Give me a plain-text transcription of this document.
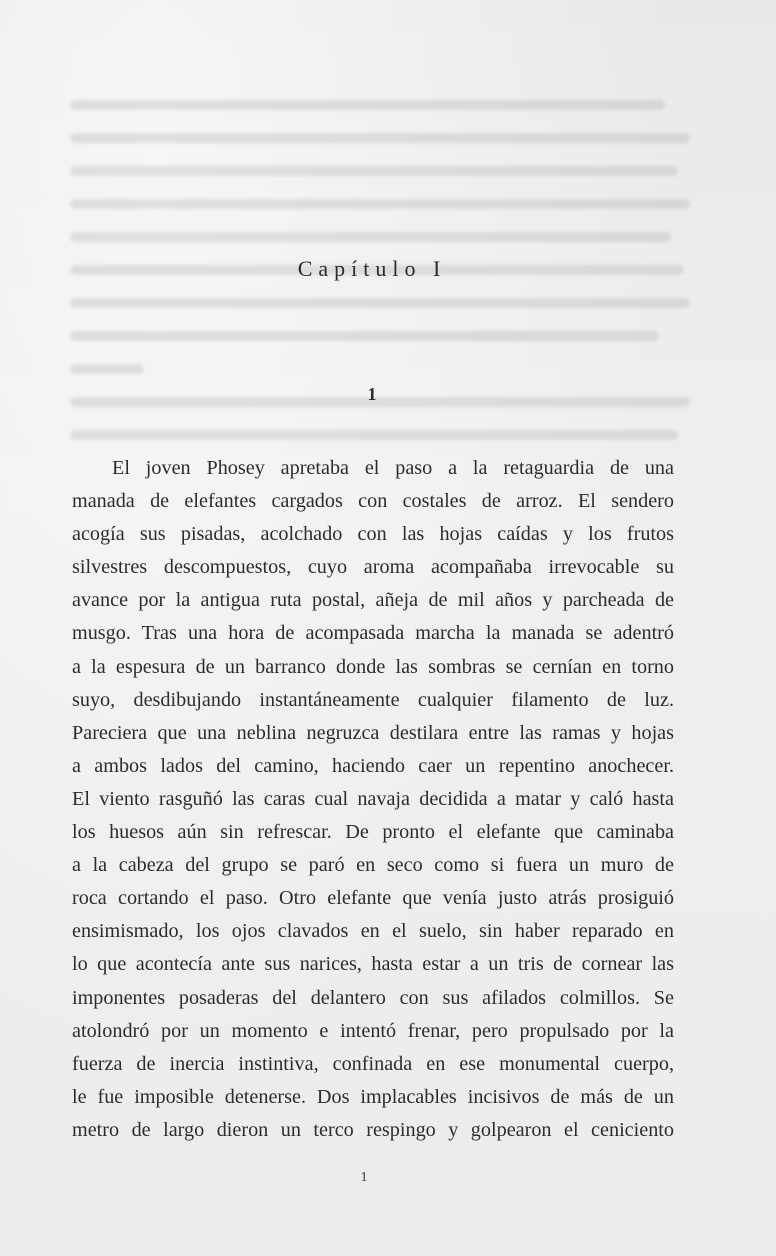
Capítulo I
1

El joven Phosey apretaba el paso a la retaguardia de una
manada de elefantes cargados con costales de arroz. El sendero
acogía sus pisadas, acolchado con las hojas caídas y los frutos
silvestres descompuestos, cuyo aroma acompañaba irrevocable su
avance por la antigua ruta postal, añeja de mil años y parcheada de
musgo. Tras una hora de acompasada marcha la manada se adentró
a la espesura de un barranco donde las sombras se cernían en torno
suyo, desdibujando instantáneamente cualquier filamento de luz.
Pareciera que una neblina negruzca destilara entre las ramas y hojas
a ambos lados del camino, haciendo caer un repentino anochecer.
El viento rasguñó las caras cual navaja decidida a matar y caló hasta
los huesos aún sin refrescar. De pronto el elefante que caminaba
a la cabeza del grupo se paró en seco como si fuera un muro de
roca cortando el paso. Otro elefante que venía justo atrás prosiguió
ensimismado, los ojos clavados en el suelo, sin haber reparado en
lo que acontecía ante sus narices, hasta estar a un tris de cornear las
imponentes posaderas del delantero con sus afilados colmillos. Se
atolondró por un momento e intentó frenar, pero propulsado por la
fuerza de inercia instintiva, confinada en ese monumental cuerpo,
le fue imposible detenerse. Dos implacables incisivos de más de un
metro de largo dieron un terco respingo y golpearon el ceniciento

1
